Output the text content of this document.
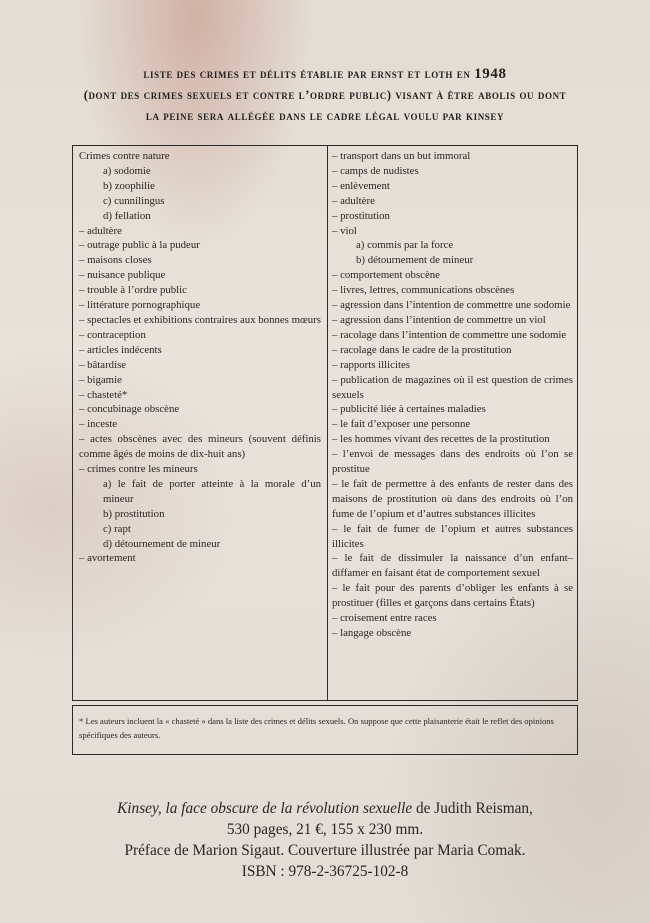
liste des crimes et délits établie par ernst et loth en 1948
(dont des crimes sexuels et contre l’ordre public) visant à être abolis ou dont
la peine sera allégée dans le cadre légal voulu par kinsey
Crimes contre nature
a) sodomie
b) zoophilie
c) cunnilingus
d) fellation
– adultère
– outrage public à la pudeur
– maisons closes
– nuisance publique
– trouble à l’ordre public
– littérature pornographique
– spectacles et exhibitions contraires aux bonnes mœurs
– contraception
– articles indécents
– bâtardise
– bigamie
– chasteté*
– concubinage obscène
– inceste
– actes obscènes avec des mineurs (souvent définis comme âgés de moins de dix-huit ans)
– crimes contre les mineurs
a) le fait de porter atteinte à la morale d’un mineur
b) prostitution
c) rapt
d) détournement de mineur
– avortement
– transport dans un but immoral
– camps de nudistes
– enlèvement
– adultère
– prostitution
– viol
a) commis par la force
b) détournement de mineur
– comportement obscène
– livres, lettres, communications obscènes
– agression dans l’intention de commettre une sodomie
– agression dans l’intention de commettre un viol
– racolage dans l’intention de commettre une sodomie
– racolage dans le cadre de la prostitution
– rapports illicites
– publication de magazines où il est question de crimes sexuels
– publicité liée à certaines maladies
– le fait d’exposer une personne
– les hommes vivant des recettes de la prostitution
– l’envoi de messages dans des endroits où l’on se prostitue
– le fait de permettre à des enfants de rester dans des maisons de prostitution où dans des endroits où l’on fume de l’opium et d’autres substances illicites
– le fait de fumer de l’opium et autres substances illicites
– le fait de dissimuler la naissance d’un enfant– diffamer en faisant état de comportement sexuel
– le fait pour des parents d’obliger les enfants à se prostituer (filles et garçons dans certains États)
– croisement entre races
– langage obscène
* Les auteurs incluent la « chasteté » dans la liste des crimes et délits sexuels. On suppose que cette plaisanterie était le reflet des opinions spécifiques des auteurs.
Kinsey, la face obscure de la révolution sexuelle de Judith Reisman,
530 pages, 21 €, 155 x 230 mm.
Préface de Marion Sigaut. Couverture illustrée par Maria Comak.
ISBN : 978-2-36725-102-8
